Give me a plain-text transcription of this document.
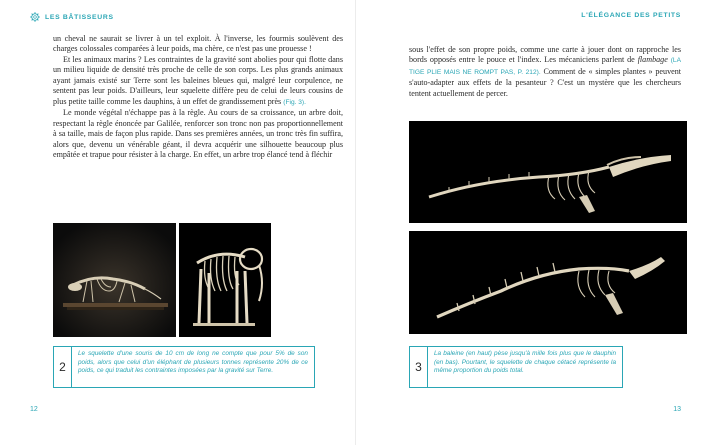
LES BÂTISSEURS

un cheval ne saurait se livrer à un tel exploit. À l'inverse, les fourmis soulèvent des charges colossales comparées à leur poids, ma chère, ce n'est pas une prouesse !

Et les animaux marins ? Les contraintes de la gravité sont abolies pour qui flotte dans un milieu liquide de densité très proche de celle de son corps. Les plus grands animaux ayant jamais existé sur Terre sont les baleines bleues qui, malgré leur corpulence, ne sentent pas leur poids. D'ailleurs, leur squelette diffère peu de celui de leurs cousins de plus petite taille comme les dauphins, à un effet de grandissement près (Fig. 3).

Le monde végétal n'échappe pas à la règle. Au cours de sa croissance, un arbre doit, respectant la règle énoncée par Galilée, renforcer son tronc non pas proportionnellement à sa taille, mais de façon plus rapide. Dans ses premières années, un tronc très fin suffira, alors que, devenu un vénérable géant, il devra acquérir une silhouette beaucoup plus empâtée et trapue pour résister à la charge. En effet, un arbre trop élancé tend à fléchir

2
Le squelette d'une souris de 10 cm de long ne compte que pour 5% de son poids, alors que celui d'un éléphant de plusieurs tonnes représente 20% de ce poids, ce qui traduit les contraintes imposées par la gravité sur Terre.
12
L'ÉLÉGANCE DES PETITS
13

sous l'effet de son propre poids, comme une carte à jouer dont on rapproche les bords opposés entre le pouce et l'index. Les mécaniciens parlent de flambage (LA TIGE PLIE MAIS NE ROMPT PAS, P. 212). Comment de « simples plantes » peuvent s'auto-adapter aux effets de la pesanteur ? C'est un mystère que les chercheurs tentent actuellement de percer.

3
La baleine (en haut) pèse jusqu'à mille fois plus que le dauphin (en bas). Pourtant, le squelette de chaque cétacé représente la même proportion du poids total.
